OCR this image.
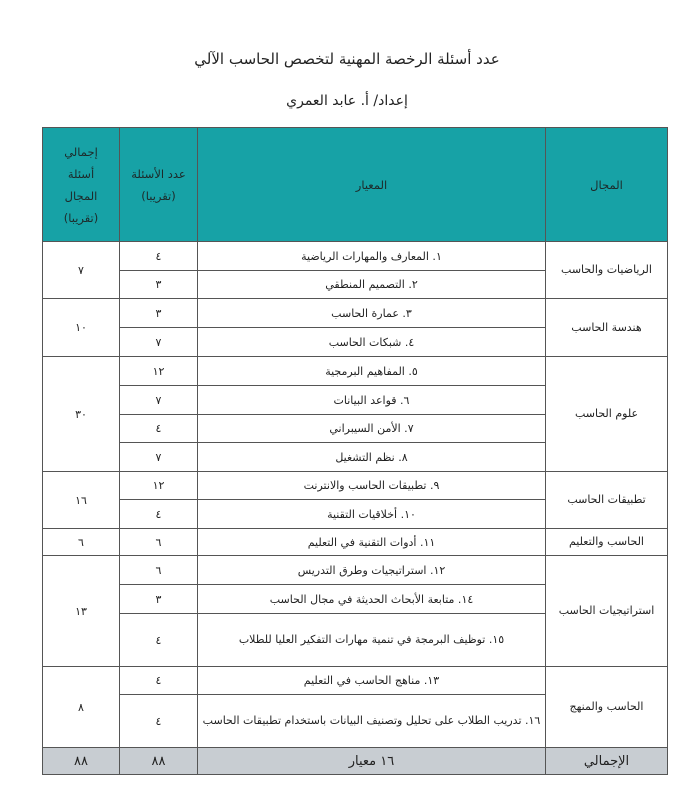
عدد أسئلة الرخصة المهنية لتخصص الحاسب الآلي
إعداد/ أ. عابد العمري
المجال	المعيار	عدد الأسئلة (تقريبا)	إجمالي أسئلة المجال (تقريبا)
الرياضيات والحاسب	١. المعارف والمهارات الرياضية	٤	٧
	٢. التصميم المنطقي	٣	
هندسة الحاسب	٣. عمارة الحاسب	٣	١٠
	٤. شبكات الحاسب	٧	
علوم الحاسب	٥. المفاهيم البرمجية	١٢	٣٠
	٦. قواعد البيانات	٧	
	٧. الأمن السيبراني	٤	
	٨. نظم التشغيل	٧	
تطبيقات الحاسب	٩. تطبيقات الحاسب والانترنت	١٢	١٦
	١٠. أخلاقيات التقنية	٤	
الحاسب والتعليم	١١. أدوات التقنية في التعليم	٦	٦
استراتيجيات الحاسب	١٢. استراتيجيات وطرق التدريس	٦	١٣
	١٤. متابعة الأبحاث الحديثة في مجال الحاسب	٣	
	١٥. توظيف البرمجة في تنمية مهارات التفكير العليا للطلاب	٤	
الحاسب والمنهج	١٣. مناهج الحاسب في التعليم	٤	٨
	١٦. تدريب الطلاب على تحليل وتصنيف البيانات باستخدام تطبيقات الحاسب	٤	
الإجمالي	١٦ معيار	٨٨	٨٨
